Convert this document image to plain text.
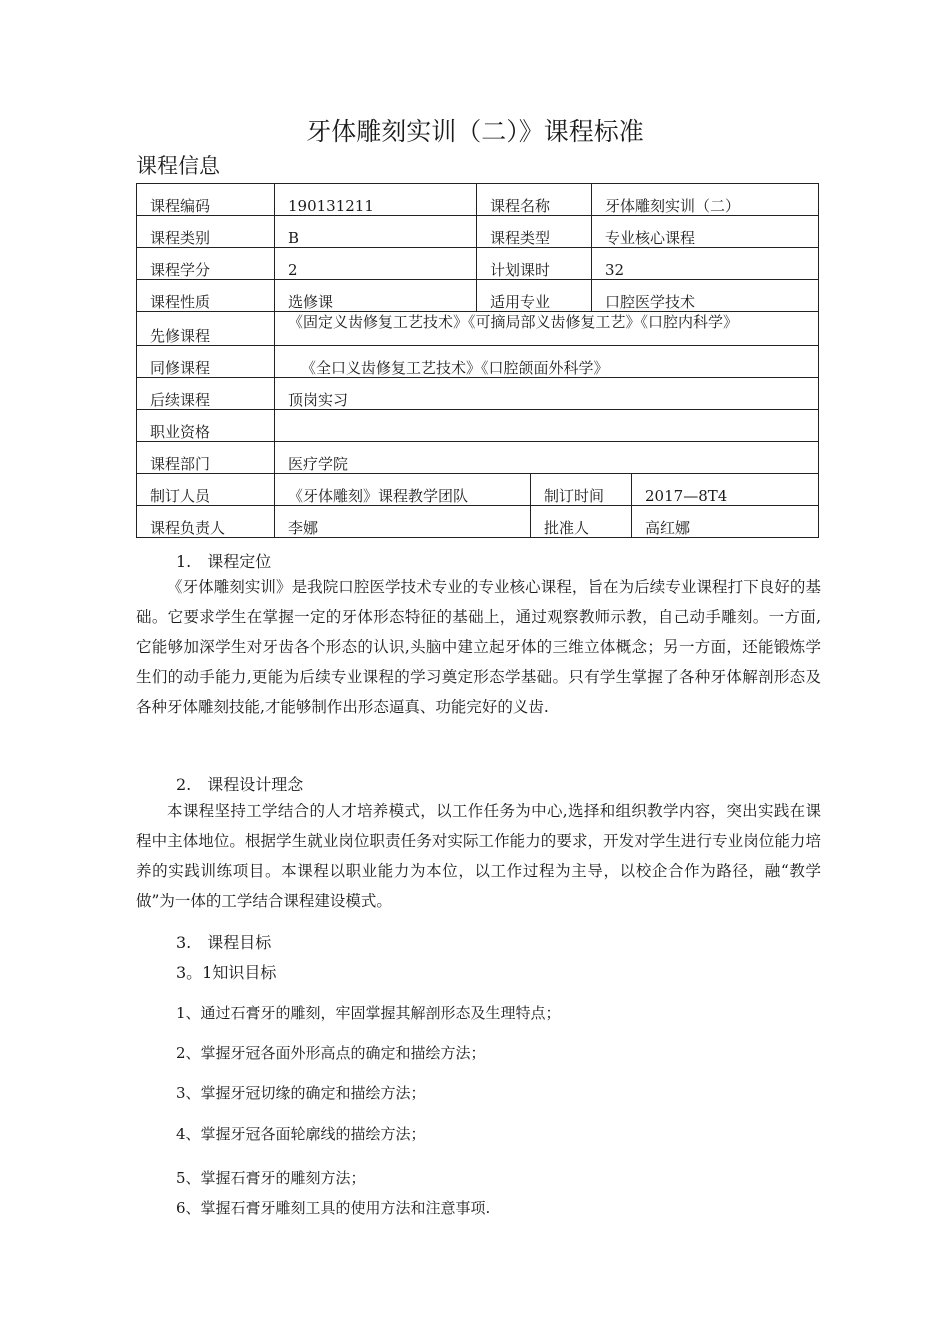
牙体雕刻实训（二）》课程标准
课程信息
课程编码	190131211	课程名称		牙体雕刻实训（二）	
课程类别	B	课程类型		专业核心课程	
课程学分	2	计划课时		32	
课程性质	选修课	适用专业		口腔医学技术	
先修课程	《固定义齿修复工艺技术》《可摘局部义齿修复工艺》《口腔内科学》				
同修课程	《全口义齿修复工艺技术》《口腔颌面外科学》				
后续课程	顶岗实习				
职业资格					
课程部门	医疗学院				
制订人员	《牙体雕刻》课程教学团队		制订时间		2017—8T4
课程负责人	李娜		批准人		高红娜
1.　课程定位
《牙体雕刻实训》是我院口腔医学技术专业的专业核心课程，旨在为后续专业课程打下良好的基础。它要求学生在掌握一定的牙体形态特征的基础上，通过观察教师示教，自己动手雕刻。一方面,它能够加深学生对牙齿各个形态的认识,头脑中建立起牙体的三维立体概念；另一方面，还能锻炼学生们的动手能力,更能为后续专业课程的学习奠定形态学基础。只有学生掌握了各种牙体解剖形态及各种牙体雕刻技能,才能够制作出形态逼真、功能完好的义齿.
2.　课程设计理念
本课程坚持工学结合的人才培养模式，以工作任务为中心,选择和组织教学内容，突出实践在课程中主体地位。根据学生就业岗位职责任务对实际工作能力的要求，开发对学生进行专业岗位能力培养的实践训练项目。本课程以职业能力为本位，以工作过程为主导，以校企合作为路径，融“教学做”为一体的工学结合课程建设模式。
3.　课程目标
3。1知识目标
1、通过石膏牙的雕刻，牢固掌握其解剖形态及生理特点；
2、掌握牙冠各面外形高点的确定和描绘方法；
3、掌握牙冠切缘的确定和描绘方法；
4、掌握牙冠各面轮廓线的描绘方法；
5、掌握石膏牙的雕刻方法；
6、掌握石膏牙雕刻工具的使用方法和注意事项.
